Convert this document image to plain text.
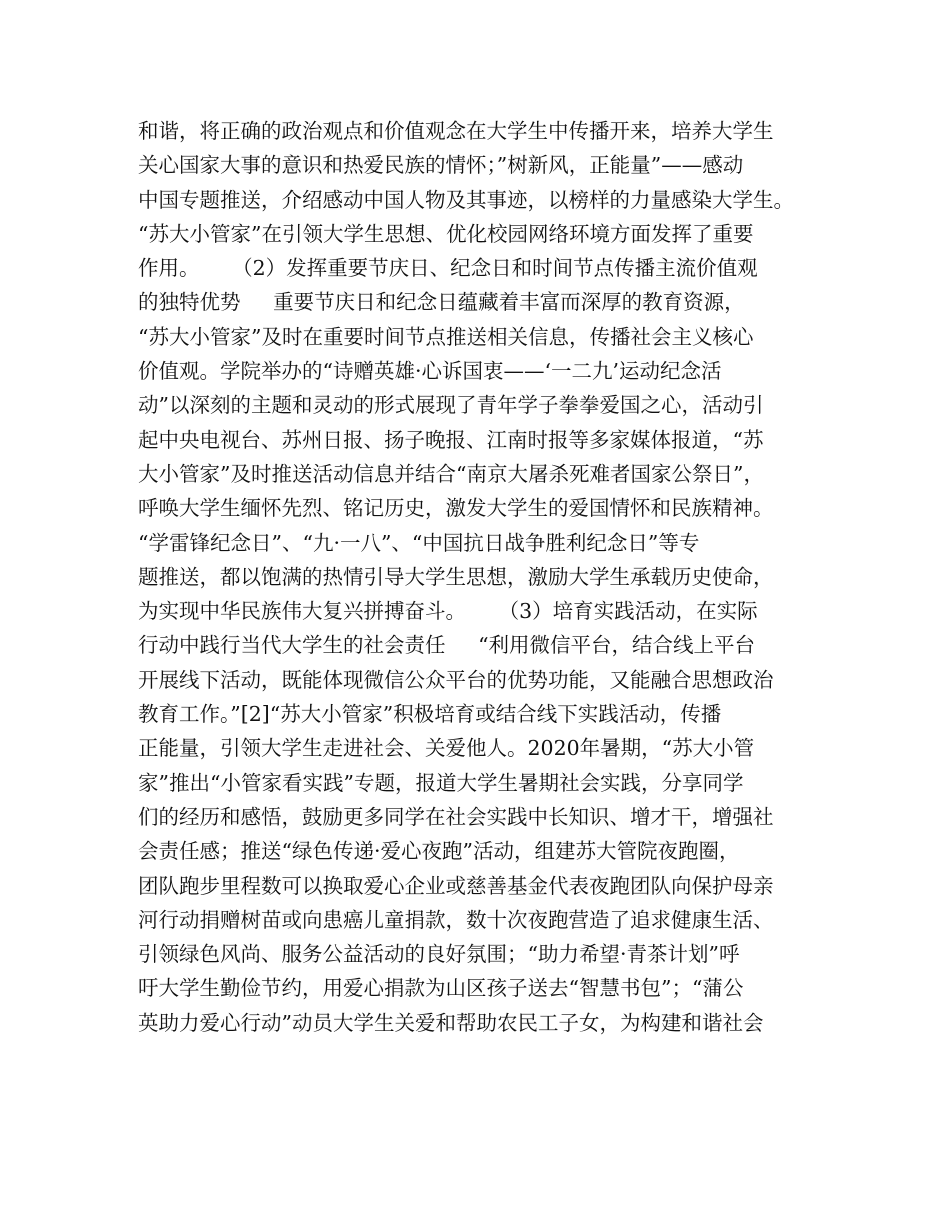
和谐，将正确的政治观点和价值观念在大学生中传播开来，培养大学生
关心国家大事的意识和热爱民族的情怀；”树新风，正能量”——感动
中国专题推送，介绍感动中国人物及其事迹，以榜样的力量感染大学生。
“苏大小管家”在引领大学生思想、优化校园网络环境方面发挥了重要
作用。     （2）发挥重要节庆日、纪念日和时间节点传播主流价值观
的独特优势     重要节庆日和纪念日蕴藏着丰富而深厚的教育资源，
“苏大小管家”及时在重要时间节点推送相关信息，传播社会主义核心
价值观。学院举办的“诗赠英雄·心诉国衷——‘一二九’运动纪念活
动”以深刻的主题和灵动的形式展现了青年学子拳拳爱国之心，活动引
起中央电视台、苏州日报、扬子晚报、江南时报等多家媒体报道，“苏
大小管家”及时推送活动信息并结合“南京大屠杀死难者国家公祭日”，
呼唤大学生缅怀先烈、铭记历史，激发大学生的爱国情怀和民族精神。
“学雷锋纪念日”、“九·一八”、“中国抗日战争胜利纪念日”等专
题推送，都以饱满的热情引导大学生思想，激励大学生承载历史使命，
为实现中华民族伟大复兴拼搏奋斗。     （3）培育实践活动，在实际
行动中践行当代大学生的社会责任     “利用微信平台，结合线上平台
开展线下活动，既能体现微信公众平台的优势功能，又能融合思想政治
教育工作。”[2]“苏大小管家”积极培育或结合线下实践活动，传播
正能量，引领大学生走进社会、关爱他人。2020年暑期，“苏大小管
家”推出“小管家看实践”专题，报道大学生暑期社会实践，分享同学
们的经历和感悟，鼓励更多同学在社会实践中长知识、增才干，增强社
会责任感；推送“绿色传递·爱心夜跑”活动，组建苏大管院夜跑圈，
团队跑步里程数可以换取爱心企业或慈善基金代表夜跑团队向保护母亲
河行动捐赠树苗或向患癌儿童捐款，数十次夜跑营造了追求健康生活、
引领绿色风尚、服务公益活动的良好氛围；“助力希望·青茶计划”呼
吁大学生勤俭节约，用爱心捐款为山区孩子送去“智慧书包”；“蒲公
英助力爱心行动”动员大学生关爱和帮助农民工子女，为构建和谐社会
